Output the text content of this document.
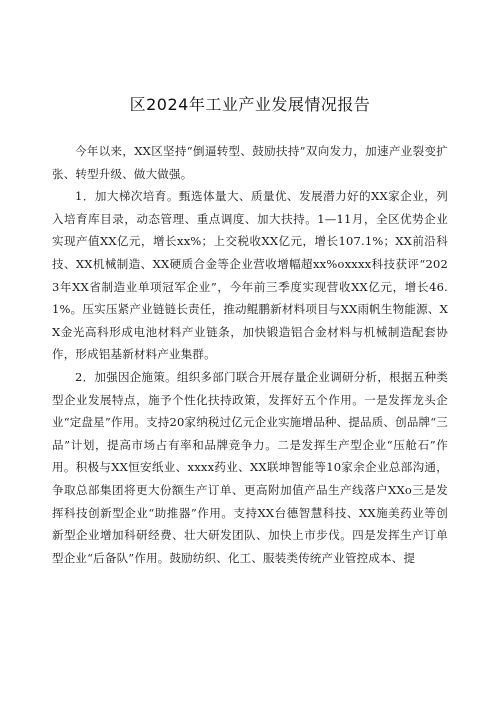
区2024年工业产业发展情况报告

今年以来，XX区坚持“倒逼转型、鼓励扶持”双向发力，加速产业裂变扩张、转型升级、做大做强。

1．加大梯次培育。甄选体量大、质量优、发展潜力好的XX家企业，列入培育库目录，动态管理、重点调度、加大扶持。1—11月，全区优势企业实现产值XX亿元，增长xx%；上交税收XX亿元，增长107.1%；XX前沿科技、XX机械制造、XX硬质合金等企业营收增幅超xx%oxxxx科技获评“2023年XX省制造业单项冠军企业”，今年前三季度实现营收XX亿元，增长46.1%。压实压紧产业链链长责任，推动鲲鹏新材料项目与XX雨帆生物能源、XX金光高科形成电池材料产业链条，加快锻造铝合金材料与机械制造配套协作，形成铝基新材料产业集群。

2．加强因企施策。组织多部门联合开展存量企业调研分析，根据五种类型企业发展特点，施予个性化扶持政策，发挥好五个作用。一是发挥龙头企业“定盘星”作用。支持20家纳税过亿元企业实施增品种、提品质、创品牌“三品”计划，提高市场占有率和品牌竞争力。二是发挥生产型企业“压舱石”作用。积极与XX恒安纸业、xxxx药业、XX联坤智能等10家余企业总部沟通，争取总部集团将更大份额生产订单、更高附加值产品生产线落户XXo三是发挥科技创新型企业“助推器”作用。支持XX台德智慧科技、XX施美药业等创新型企业增加科研经费、壮大研发团队、加快上市步伐。四是发挥生产订单型企业“后备队”作用。鼓励纺织、化工、服装类传统产业管控成本、提
